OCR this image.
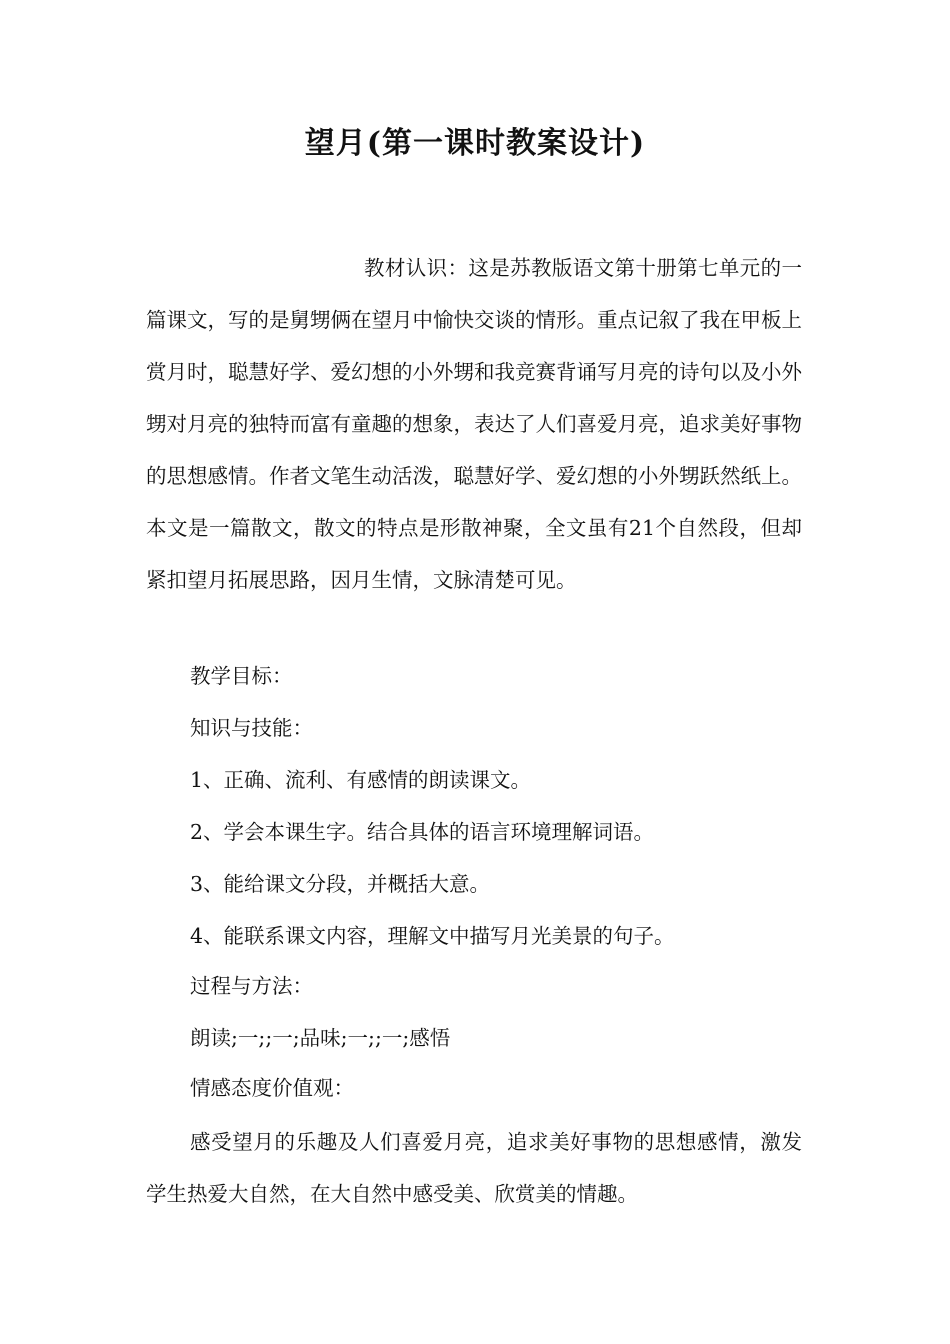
望月(第一课时教案设计)

教材认识：这是苏教版语文第十册第七单元的一篇课文，写的是舅甥俩在望月中愉快交谈的情形。重点记叙了我在甲板上赏月时，聪慧好学、爱幻想的小外甥和我竞赛背诵写月亮的诗句以及小外甥对月亮的独特而富有童趣的想象，表达了人们喜爱月亮，追求美好事物的思想感情。作者文笔生动活泼，聪慧好学、爱幻想的小外甥跃然纸上。本文是一篇散文，散文的特点是形散神聚，全文虽有21个自然段，但却紧扣望月拓展思路，因月生情，文脉清楚可见。

教学目标：

知识与技能：

1、正确、流利、有感情的朗读课文。

2、学会本课生字。结合具体的语言环境理解词语。

3、能给课文分段，并概括大意。

4、能联系课文内容，理解文中描写月光美景的句子。

过程与方法：

朗读;一;;一;品味;一;;一;感悟

情感态度价值观：

感受望月的乐趣及人们喜爱月亮，追求美好事物的思想感情，激发学生热爱大自然，在大自然中感受美、欣赏美的情趣。
